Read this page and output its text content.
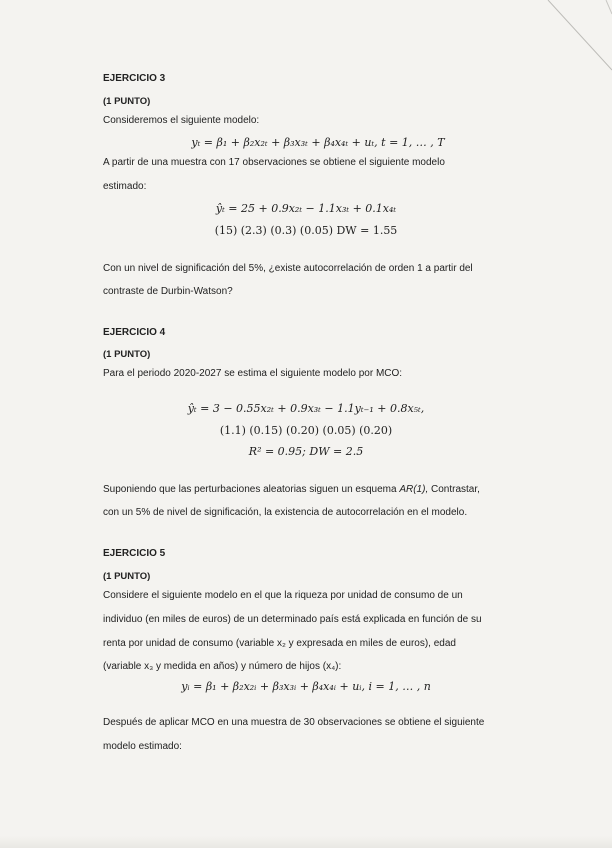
EJERCICIO 3
(1 PUNTO)
Consideremos el siguiente modelo:
yₜ = β₁ + β₂x₂ₜ + β₃x₃ₜ + β₄x₄ₜ + uₜ, t = 1, … , T
A partir de una muestra con 17 observaciones se obtiene el siguiente modelo
estimado:
ŷₜ = 25 + 0.9x₂ₜ − 1.1x₃ₜ + 0.1x₄ₜ
(15) (2.3) (0.3) (0.05) DW = 1.55
Con un nivel de significación del 5%, ¿existe autocorrelación de orden 1 a partir del
contraste de Durbin-Watson?
EJERCICIO 4
(1 PUNTO)
Para el periodo 2020-2027 se estima el siguiente modelo por MCO:
ŷₜ = 3 − 0.55x₂ₜ + 0.9x₃ₜ − 1.1yₜ₋₁ + 0.8x₅ₜ,
(1.1) (0.15) (0.20) (0.05) (0.20)
R² = 0.95; DW = 2.5
Suponiendo que las perturbaciones aleatorias siguen un esquema AR(1), Contrastar,
con un 5% de nivel de significación, la existencia de autocorrelación en el modelo.
EJERCICIO 5
(1 PUNTO)
Considere el siguiente modelo en el que la riqueza por unidad de consumo de un
individuo (en miles de euros) de un determinado país está explicada en función de su
renta por unidad de consumo (variable x₂ y expresada en miles de euros), edad
(variable x₃ y medida en años) y número de hijos (x₄):
yᵢ = β₁ + β₂x₂ᵢ + β₃x₃ᵢ + β₄x₄ᵢ + uᵢ, i = 1, … , n
Después de aplicar MCO en una muestra de 30 observaciones se obtiene el siguiente
modelo estimado:
